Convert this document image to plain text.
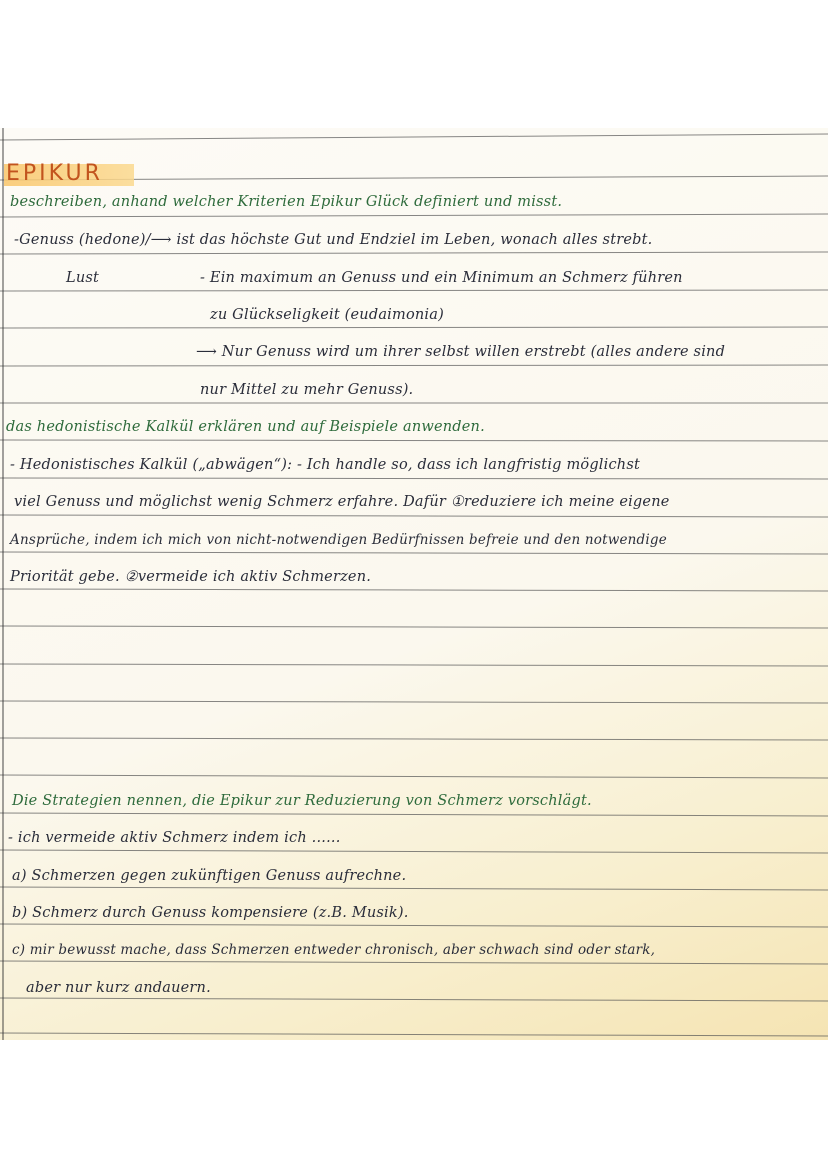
EPIKUR
beschreiben, anhand welcher Kriterien Epikur Glück definiert und misst.
-Genuss (hedone)/⟶ ist das höchste Gut und Endziel im Leben, wonach alles strebt.
Lust	- Ein maximum an Genuss und ein Minimum an Schmerz führen
zu Glückseligkeit (eudaimonia)
⟶ Nur Genuss wird um ihrer selbst willen erstrebt (alles andere sind
nur Mittel zu mehr Genuss).
das hedonistische Kalkül erklären und auf Beispiele anwenden.
- Hedonistisches Kalkül („abwägen“): - Ich handle so, dass ich langfristig möglichst
viel Genuss und möglichst wenig Schmerz erfahre. Dafür ①reduziere ich meine eigene
Ansprüche, indem ich mich von nicht-notwendigen Bedürfnissen befreie und den notwendige
Priorität gebe. ②vermeide ich aktiv Schmerzen.
Die Strategien nennen, die Epikur zur Reduzierung von Schmerz vorschlägt.
- ich vermeide aktiv Schmerz indem ich ......
a) Schmerzen gegen zukünftigen Genuss aufrechne.
b) Schmerz durch Genuss kompensiere (z.B. Musik).
c) mir bewusst mache, dass Schmerzen entweder chronisch, aber schwach sind oder stark,
aber nur kurz andauern.
